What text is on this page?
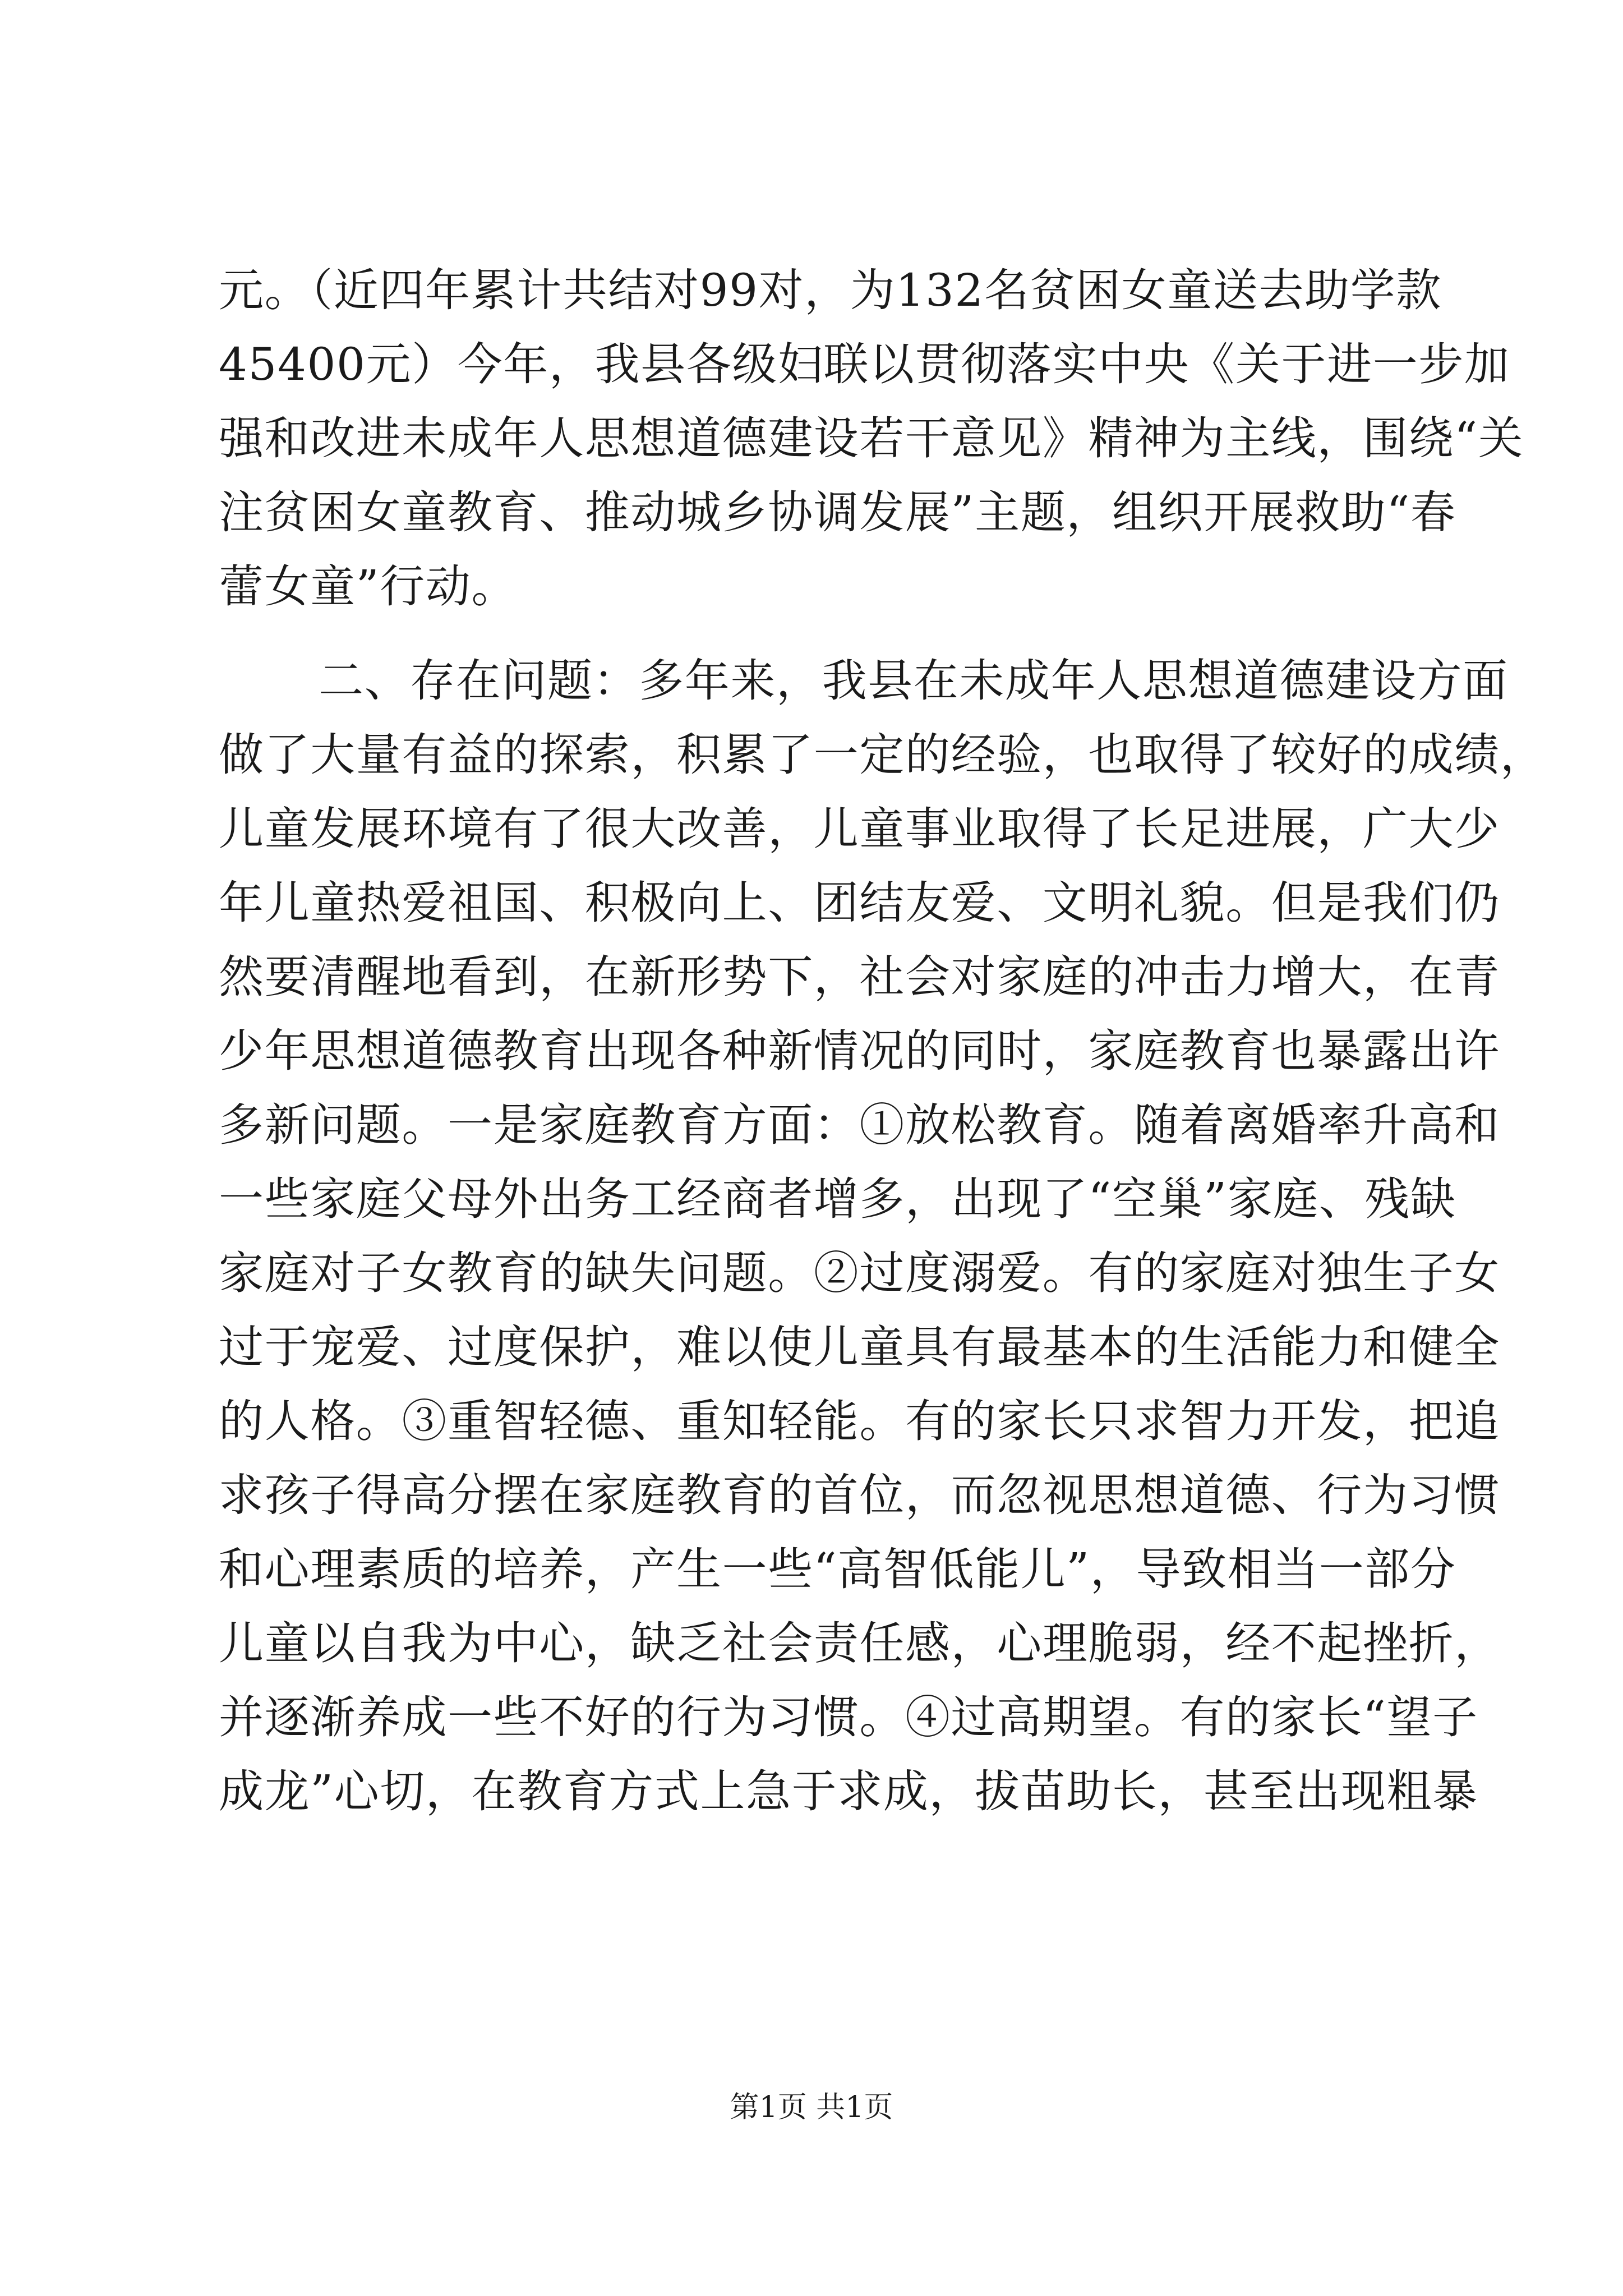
元。（近四年累计共结对99对，为132名贫困女童送去助学款
45400元）今年，我县各级妇联以贯彻落实中央《关于进一步加
强和改进未成年人思想道德建设若干意见》精神为主线，围绕“关
注贫困女童教育、推动城乡协调发展”主题，组织开展救助“春
蕾女童”行动。
二、存在问题：多年来，我县在未成年人思想道德建设方面
做了大量有益的探索，积累了一定的经验，也取得了较好的成绩，
儿童发展环境有了很大改善，儿童事业取得了长足进展，广大少
年儿童热爱祖国、积极向上、团结友爱、文明礼貌。但是我们仍
然要清醒地看到，在新形势下，社会对家庭的冲击力增大，在青
少年思想道德教育出现各种新情况的同时，家庭教育也暴露出许
多新问题。一是家庭教育方面：①放松教育。随着离婚率升高和
一些家庭父母外出务工经商者增多，出现了“空巢”家庭、残缺
家庭对子女教育的缺失问题。②过度溺爱。有的家庭对独生子女
过于宠爱、过度保护，难以使儿童具有最基本的生活能力和健全
的人格。③重智轻德、重知轻能。有的家长只求智力开发，把追
求孩子得高分摆在家庭教育的首位，而忽视思想道德、行为习惯
和心理素质的培养，产生一些“高智低能儿”，导致相当一部分
儿童以自我为中心，缺乏社会责任感，心理脆弱，经不起挫折，
并逐渐养成一些不好的行为习惯。④过高期望。有的家长“望子
成龙”心切，在教育方式上急于求成，拔苗助长，甚至出现粗暴
第1页 共1页
